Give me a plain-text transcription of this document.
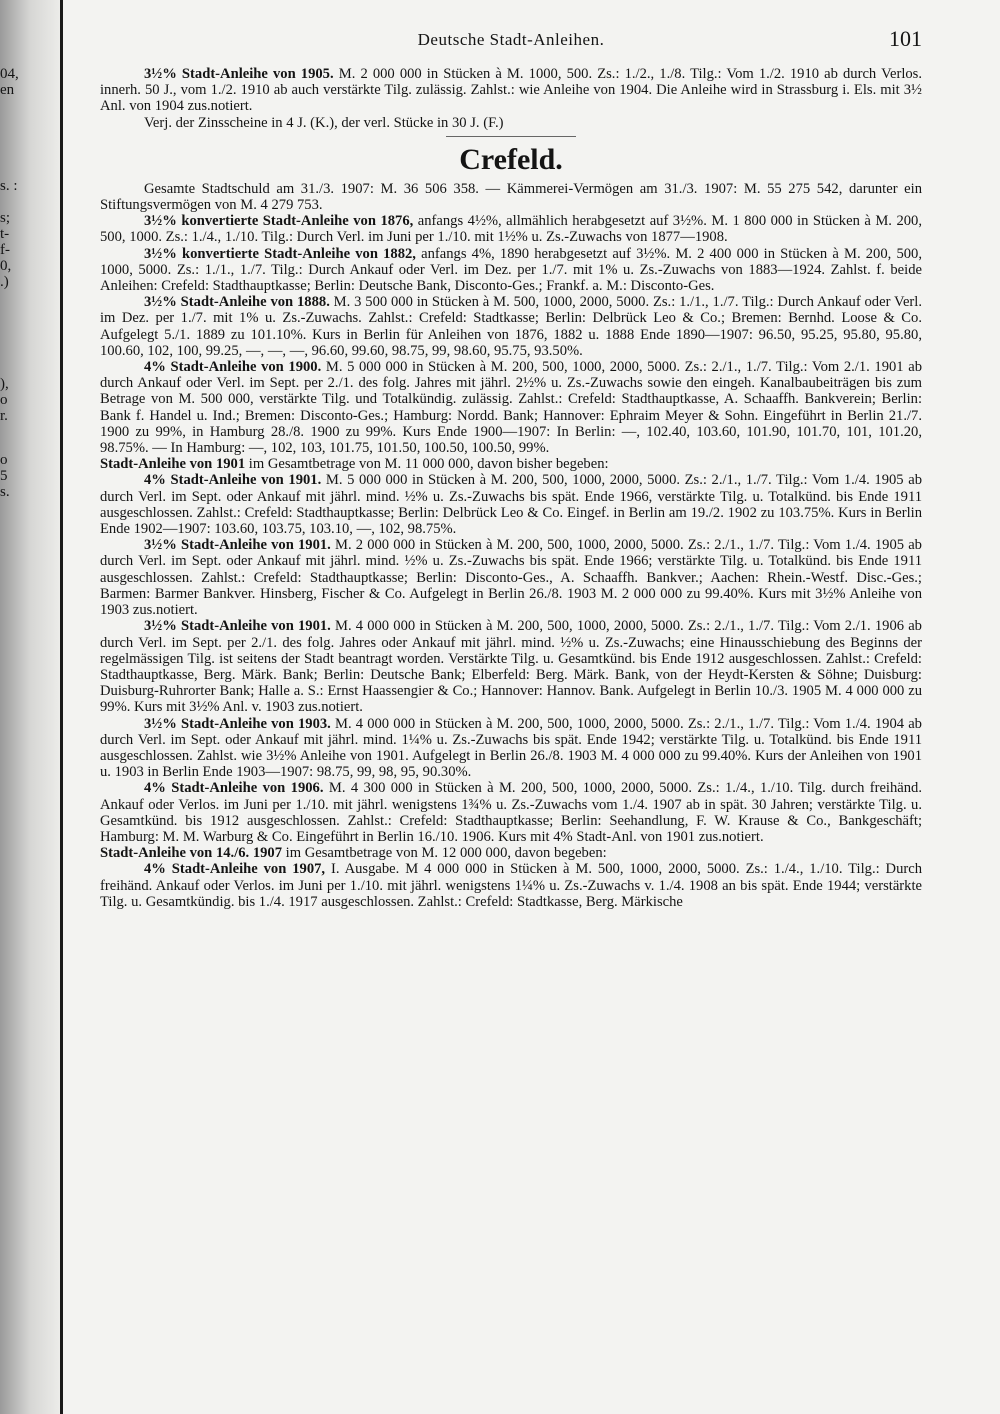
04,
en
s. :
s;
t-
f-
0,
.)
),
o
r.
o
5
s.
Deutsche Stadt-Anleihen.	101

3½% Stadt-Anleihe von 1905. M. 2 000 000 in Stücken à M. 1000, 500. Zs.: 1./2., 1./8. Tilg.: Vom 1./2. 1910 ab durch Verlos. innerh. 50 J., vom 1./2. 1910 ab auch verstärkte Tilg. zulässig. Zahlst.: wie Anleihe von 1904. Die Anleihe wird in Strassburg i. Els. mit 3½ Anl. von 1904 zus.notiert.

Verj. der Zinsscheine in 4 J. (K.), der verl. Stücke in 30 J. (F.)

Crefeld.

Gesamte Stadtschuld am 31./3. 1907: M. 36 506 358. — Kämmerei-Vermögen am 31./3. 1907: M. 55 275 542, darunter ein Stiftungsvermögen von M. 4 279 753.

3½% konvertierte Stadt-Anleihe von 1876, anfangs 4½%, allmählich herabgesetzt auf 3½%. M. 1 800 000 in Stücken à M. 200, 500, 1000. Zs.: 1./4., 1./10. Tilg.: Durch Verl. im Juni per 1./10. mit 1½% u. Zs.-Zuwachs von 1877—1908.

3½% konvertierte Stadt-Anleihe von 1882, anfangs 4%, 1890 herabgesetzt auf 3½%. M. 2 400 000 in Stücken à M. 200, 500, 1000, 5000. Zs.: 1./1., 1./7. Tilg.: Durch Ankauf oder Verl. im Dez. per 1./7. mit 1% u. Zs.-Zuwachs von 1883—1924. Zahlst. f. beide Anleihen: Crefeld: Stadthauptkasse; Berlin: Deutsche Bank, Disconto-Ges.; Frankf. a. M.: Disconto-Ges.

3½% Stadt-Anleihe von 1888. M. 3 500 000 in Stücken à M. 500, 1000, 2000, 5000. Zs.: 1./1., 1./7. Tilg.: Durch Ankauf oder Verl. im Dez. per 1./7. mit 1% u. Zs.-Zuwachs. Zahlst.: Crefeld: Stadtkasse; Berlin: Delbrück Leo & Co.; Bremen: Bernhd. Loose & Co. Aufgelegt 5./1. 1889 zu 101.10%. Kurs in Berlin für Anleihen von 1876, 1882 u. 1888 Ende 1890—1907: 96.50, 95.25, 95.80, 95.80, 100.60, 102, 100, 99.25, —, —, —, 96.60, 99.60, 98.75, 99, 98.60, 95.75, 93.50%.

4% Stadt-Anleihe von 1900. M. 5 000 000 in Stücken à M. 200, 500, 1000, 2000, 5000. Zs.: 2./1., 1./7. Tilg.: Vom 2./1. 1901 ab durch Ankauf oder Verl. im Sept. per 2./1. des folg. Jahres mit jährl. 2½% u. Zs.-Zuwachs sowie den eingeh. Kanalbaubeiträgen bis zum Betrage von M. 500 000, verstärkte Tilg. und Totalkündig. zulässig. Zahlst.: Crefeld: Stadthauptkasse, A. Schaaffh. Bankverein; Berlin: Bank f. Handel u. Ind.; Bremen: Disconto-Ges.; Hamburg: Nordd. Bank; Hannover: Ephraim Meyer & Sohn. Eingeführt in Berlin 21./7. 1900 zu 99%, in Hamburg 28./8. 1900 zu 99%. Kurs Ende 1900—1907: In Berlin: —, 102.40, 103.60, 101.90, 101.70, 101, 101.20, 98.75%. — In Hamburg: —, 102, 103, 101.75, 101.50, 100.50, 100.50, 99%.

Stadt-Anleihe von 1901 im Gesamtbetrage von M. 11 000 000, davon bisher begeben:

4% Stadt-Anleihe von 1901. M. 5 000 000 in Stücken à M. 200, 500, 1000, 2000, 5000. Zs.: 2./1., 1./7. Tilg.: Vom 1./4. 1905 ab durch Verl. im Sept. oder Ankauf mit jährl. mind. ½% u. Zs.-Zuwachs bis spät. Ende 1966, verstärkte Tilg. u. Totalkünd. bis Ende 1911 ausgeschlossen. Zahlst.: Crefeld: Stadthauptkasse; Berlin: Delbrück Leo & Co. Eingef. in Berlin am 19./2. 1902 zu 103.75%. Kurs in Berlin Ende 1902—1907: 103.60, 103.75, 103.10, —, 102, 98.75%.

3½% Stadt-Anleihe von 1901. M. 2 000 000 in Stücken à M. 200, 500, 1000, 2000, 5000. Zs.: 2./1., 1./7. Tilg.: Vom 1./4. 1905 ab durch Verl. im Sept. oder Ankauf mit jährl. mind. ½% u. Zs.-Zuwachs bis spät. Ende 1966; verstärkte Tilg. u. Totalkünd. bis Ende 1911 ausgeschlossen. Zahlst.: Crefeld: Stadthauptkasse; Berlin: Disconto-Ges., A. Schaaffh. Bankver.; Aachen: Rhein.-Westf. Disc.-Ges.; Barmen: Barmer Bankver. Hinsberg, Fischer & Co. Aufgelegt in Berlin 26./8. 1903 M. 2 000 000 zu 99.40%. Kurs mit 3½% Anleihe von 1903 zus.notiert.

3½% Stadt-Anleihe von 1901. M. 4 000 000 in Stücken à M. 200, 500, 1000, 2000, 5000. Zs.: 2./1., 1./7. Tilg.: Vom 2./1. 1906 ab durch Verl. im Sept. per 2./1. des folg. Jahres oder Ankauf mit jährl. mind. ½% u. Zs.-Zuwachs; eine Hinausschiebung des Beginns der regelmässigen Tilg. ist seitens der Stadt beantragt worden. Verstärkte Tilg. u. Gesamtkünd. bis Ende 1912 ausgeschlossen. Zahlst.: Crefeld: Stadthauptkasse, Berg. Märk. Bank; Berlin: Deutsche Bank; Elberfeld: Berg. Märk. Bank, von der Heydt-Kersten & Söhne; Duisburg: Duisburg-Ruhrorter Bank; Halle a. S.: Ernst Haassengier & Co.; Hannover: Hannov. Bank. Aufgelegt in Berlin 10./3. 1905 M. 4 000 000 zu 99%. Kurs mit 3½% Anl. v. 1903 zus.notiert.

3½% Stadt-Anleihe von 1903. M. 4 000 000 in Stücken à M. 200, 500, 1000, 2000, 5000. Zs.: 2./1., 1./7. Tilg.: Vom 1./4. 1904 ab durch Verl. im Sept. oder Ankauf mit jährl. mind. 1¼% u. Zs.-Zuwachs bis spät. Ende 1942; verstärkte Tilg. u. Totalkünd. bis Ende 1911 ausgeschlossen. Zahlst. wie 3½% Anleihe von 1901. Aufgelegt in Berlin 26./8. 1903 M. 4 000 000 zu 99.40%. Kurs der Anleihen von 1901 u. 1903 in Berlin Ende 1903—1907: 98.75, 99, 98, 95, 90.30%.

4% Stadt-Anleihe von 1906. M. 4 300 000 in Stücken à M. 200, 500, 1000, 2000, 5000. Zs.: 1./4., 1./10. Tilg. durch freihänd. Ankauf oder Verlos. im Juni per 1./10. mit jährl. wenigstens 1¾% u. Zs.-Zuwachs vom 1./4. 1907 ab in spät. 30 Jahren; verstärkte Tilg. u. Gesamtkünd. bis 1912 ausgeschlossen. Zahlst.: Crefeld: Stadthauptkasse; Berlin: Seehandlung, F. W. Krause & Co., Bankgeschäft; Hamburg: M. M. Warburg & Co. Eingeführt in Berlin 16./10. 1906. Kurs mit 4% Stadt-Anl. von 1901 zus.notiert.

Stadt-Anleihe von 14./6. 1907 im Gesamtbetrage von M. 12 000 000, davon begeben:

4% Stadt-Anleihe von 1907, I. Ausgabe. M 4 000 000 in Stücken à M. 500, 1000, 2000, 5000. Zs.: 1./4., 1./10. Tilg.: Durch freihänd. Ankauf oder Verlos. im Juni per 1./10. mit jährl. wenigstens 1¼% u. Zs.-Zuwachs v. 1./4. 1908 an bis spät. Ende 1944; verstärkte Tilg. u. Gesamtkündig. bis 1./4. 1917 ausgeschlossen. Zahlst.: Crefeld: Stadtkasse, Berg. Märkische
